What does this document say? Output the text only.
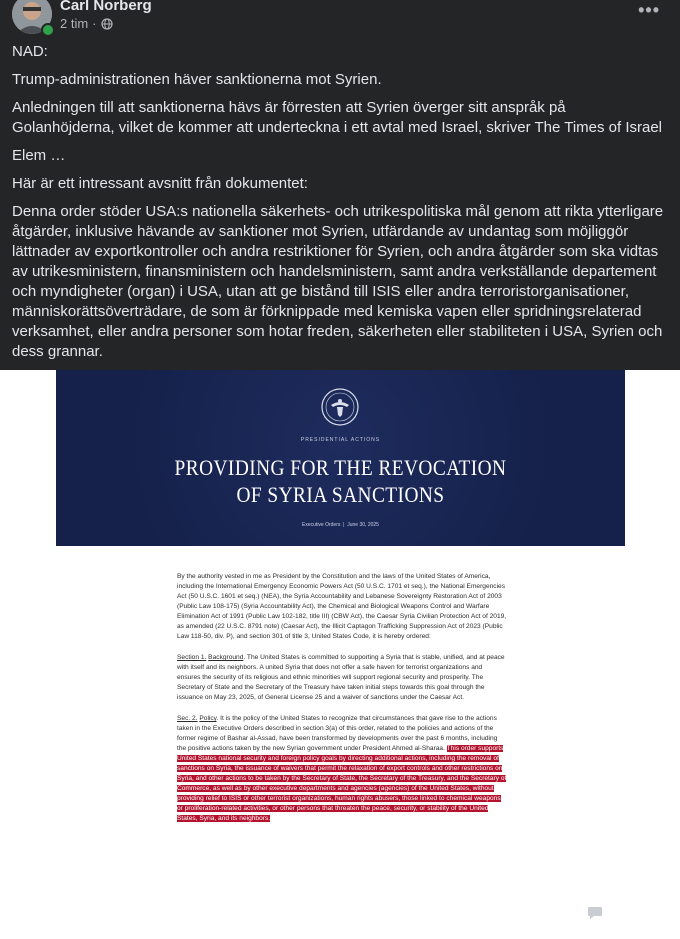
Carl Norberg
2 tim ·
•••

NAD:

Trump-administrationen häver sanktionerna mot Syrien.

Anledningen till att sanktionerna hävs är förresten att Syrien överger sitt anspråk på Golanhöjderna, vilket de kommer att underteckna i ett avtal med Israel, skriver The Times of Israel

Elem …

Här är ett intressant avsnitt från dokumentet:

Denna order stöder USA:s nationella säkerhets- och utrikespolitiska mål genom att rikta ytterligare åtgärder, inklusive hävande av sanktioner mot Syrien, utfärdande av undantag som möjliggör lättnader av exportkontroller och andra restriktioner för Syrien, och andra åtgärder som ska vidtas av utrikesministern, finansministern och handelsministern, samt andra verkställande departement och myndigheter (organ) i USA, utan att ge bistånd till ISIS eller andra terroristorganisationer, människorättsöverträdare, de som är förknippade med kemiska vapen eller spridningsrelaterad verksamhet, eller andra personer som hotar freden, säkerheten eller stabiliteten i USA, Syrien och dess grannar.

PRESIDENTIAL ACTIONS
PROVIDING FOR THE REVOCATION
OF SYRIA SANCTIONS
Executive Orders  |  June 30, 2025

By the authority vested in me as President by the Constitution and the laws of the United States of America, including the International Emergency Economic Powers Act (50 U.S.C. 1701 et seq.), the National Emergencies Act (50 U.S.C. 1601 et seq.) (NEA), the Syria Accountability and Lebanese Sovereignty Restoration Act of 2003 (Public Law 108-175) (Syria Accountability Act), the Chemical and Biological Weapons Control and Warfare Elimination Act of 1991 (Public Law 102-182, title III) (CBW Act), the Caesar Syria Civilian Protection Act of 2019, as amended (22 U.S.C. 8791 note) (Caesar Act), the Illicit Captagon Trafficking Suppression Act of 2023 (Public Law 118-50, div. P), and section 301 of title 3, United States Code, it is hereby ordered:

Section 1. Background. The United States is committed to supporting a Syria that is stable, unified, and at peace with itself and its neighbors. A united Syria that does not offer a safe haven for terrorist organizations and ensures the security of its religious and ethnic minorities will support regional security and prosperity. The Secretary of State and the Secretary of the Treasury have taken initial steps towards this goal through the issuance on May 23, 2025, of General License 25 and a waiver of sanctions under the Caesar Act.

Sec. 2. Policy. It is the policy of the United States to recognize that circumstances that gave rise to the actions taken in the Executive Orders described in section 3(a) of this order, related to the policies and actions of the former regime of Bashar al-Assad, have been transformed by developments over the past 6 months, including the positive actions taken by the new Syrian government under President Ahmed al-Sharaa. This order supports United States national security and foreign policy goals by directing additional actions, including the removal of sanctions on Syria, the issuance of waivers that permit the relaxation of export controls and other restrictions on Syria, and other actions to be taken by the Secretary of State, the Secretary of the Treasury, and the Secretary of Commerce, as well as by other executive departments and agencies (agencies) of the United States, without providing relief to ISIS or other terrorist organizations, human rights abusers, those linked to chemical weapons or proliferation-related activities, or other persons that threaten the peace, security, or stability of the United States, Syria, and its neighbors.
